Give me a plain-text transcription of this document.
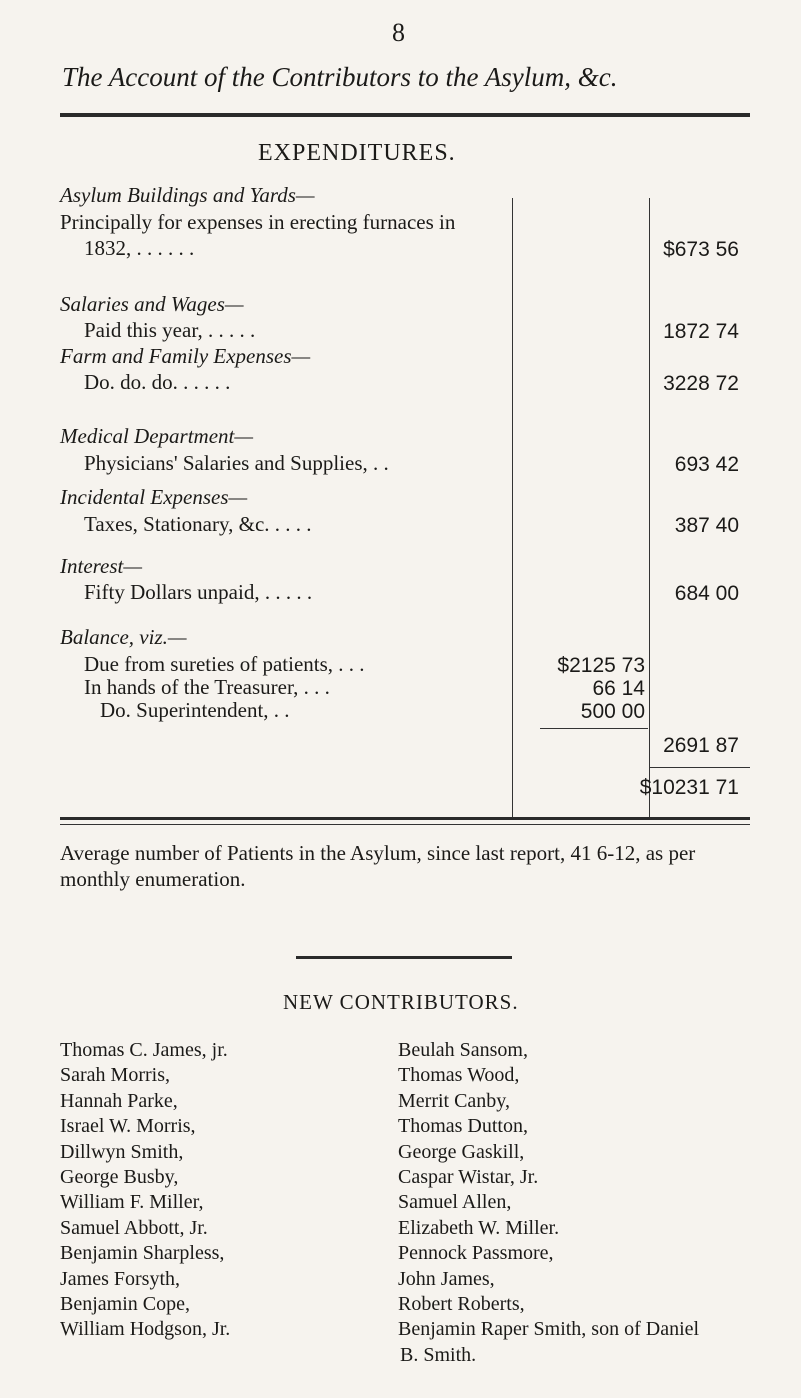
8
The Account of the Contributors to the Asylum, &c.
EXPENDITURES.
Asylum Buildings and Yards—
Principally for expenses in erecting furnaces in
1832, . . . . . .	$673 56
Salaries and Wages—
Paid this year, . . . . .	1872 74
Farm and Family Expenses—
Do. do. do. . . . . .	3228 72
Medical Department—
Physicians' Salaries and Supplies, . .	693 42
Incidental Expenses—
Taxes, Stationary, &c. . . . .	387 40
Interest—
Fifty Dollars unpaid, . . . . .	684 00
Balance, viz.—
Due from sureties of patients, . . .	$2125 73
In hands of the Treasurer, . . .	66 14
Do. Superintendent, . .	500 00
2691 87
$10231 71
Average number of Patients in the Asylum, since last report, 41 6-12, as per monthly enumeration.
NEW CONTRIBUTORS.
Thomas C. James, jr.
Sarah Morris,
Hannah Parke,
Israel W. Morris,
Dillwyn Smith,
George Busby,
William F. Miller,
Samuel Abbott, Jr.
Benjamin Sharpless,
James Forsyth,
Benjamin Cope,
William Hodgson, Jr.
Beulah Sansom,
Thomas Wood,
Merrit Canby,
Thomas Dutton,
George Gaskill,
Caspar Wistar, Jr.
Samuel Allen,
Elizabeth W. Miller.
Pennock Passmore,
John James,
Robert Roberts,
Benjamin Raper Smith, son of Daniel
B. Smith.
